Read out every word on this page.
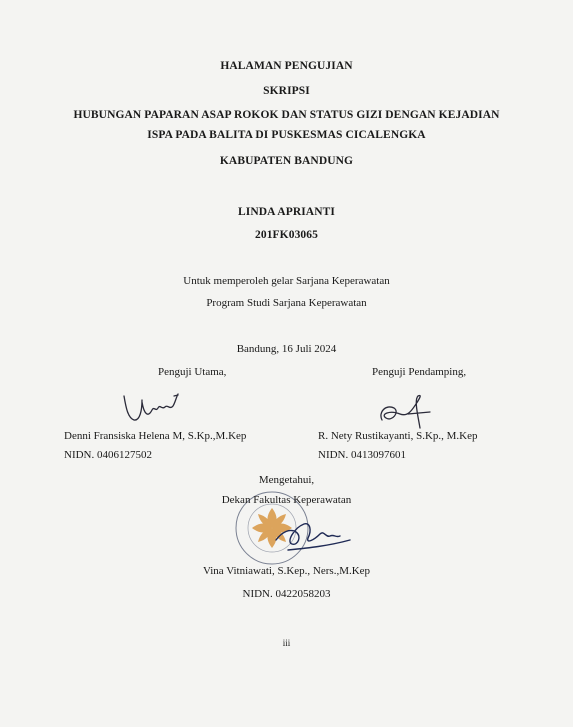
HALAMAN PENGUJIAN
SKRIPSI
HUBUNGAN PAPARAN ASAP ROKOK DAN STATUS GIZI DENGAN KEJADIAN
ISPA PADA BALITA DI PUSKESMAS CICALENGKA
KABUPATEN BANDUNG
LINDA APRIANTI
201FK03065
Untuk memperoleh gelar Sarjana Keperawatan
Program Studi Sarjana Keperawatan
Bandung, 16 Juli 2024
Penguji Utama,
Denni Fransiska Helena M, S.Kp.,M.Kep
NIDN. 0406127502
Penguji Pendamping,
R. Nety Rustikayanti, S.Kp., M.Kep
NIDN. 0413097601
Mengetahui,
Dekan Fakultas Keperawatan
Vina Vitniawati, S.Kep., Ners.,M.Kep
NIDN. 0422058203
iii
